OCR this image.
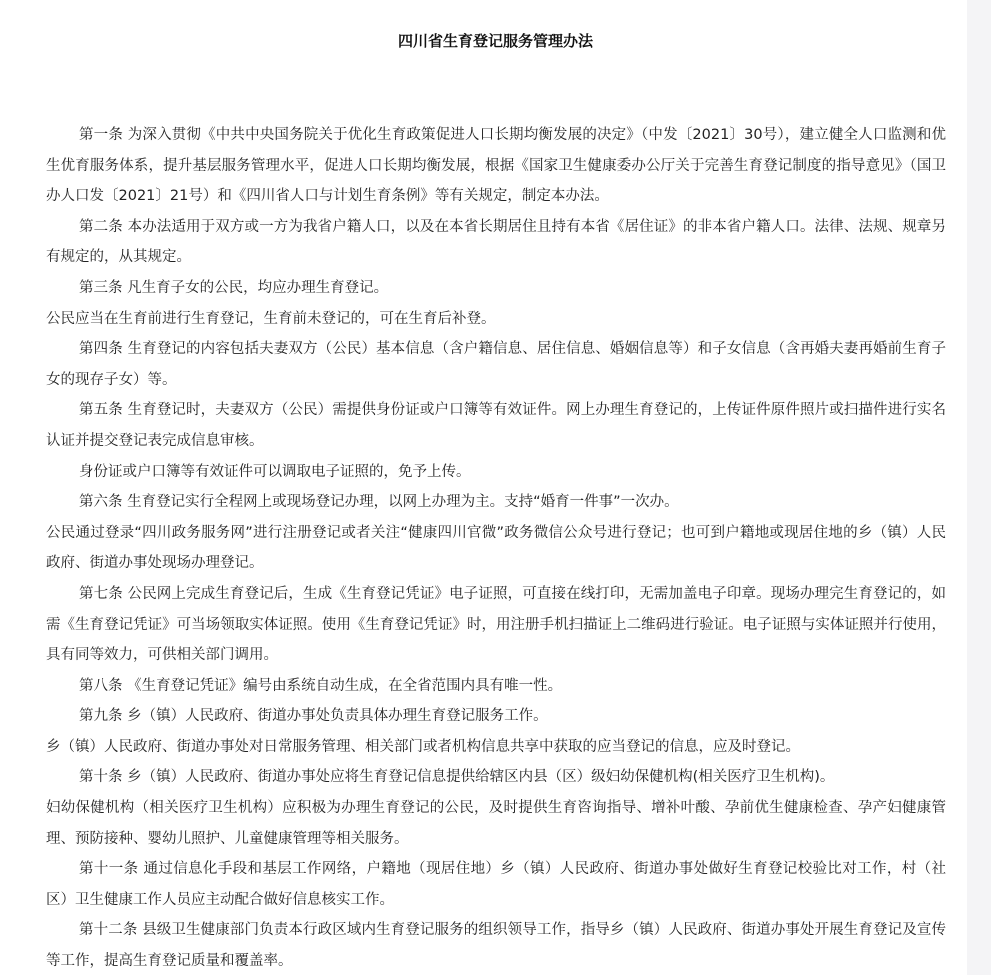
四川省生育登记服务管理办法

第一条 为深入贯彻《中共中央国务院关于优化生育政策促进人口长期均衡发展的决定》（中发〔2021〕30号），建立健全人口监测和优生优育服务体系，提升基层服务管理水平，促进人口长期均衡发展，根据《国家卫生健康委办公厅关于完善生育登记制度的指导意见》（国卫办人口发〔2021〕21号）和《四川省人口与计划生育条例》等有关规定，制定本办法。

第二条 本办法适用于双方或一方为我省户籍人口，以及在本省长期居住且持有本省《居住证》的非本省户籍人口。法律、法规、规章另有规定的，从其规定。

第三条 凡生育子女的公民，均应办理生育登记。

公民应当在生育前进行生育登记，生育前未登记的，可在生育后补登。

第四条 生育登记的内容包括夫妻双方（公民）基本信息（含户籍信息、居住信息、婚姻信息等）和子女信息（含再婚夫妻再婚前生育子女的现存子女）等。

第五条 生育登记时，夫妻双方（公民）需提供身份证或户口簿等有效证件。网上办理生育登记的，上传证件原件照片或扫描件进行实名认证并提交登记表完成信息审核。

身份证或户口簿等有效证件可以调取电子证照的，免予上传。

第六条 生育登记实行全程网上或现场登记办理，以网上办理为主。支持“婚育一件事”一次办。

公民通过登录“四川政务服务网”进行注册登记或者关注“健康四川官微”政务微信公众号进行登记；也可到户籍地或现居住地的乡（镇）人民政府、街道办事处现场办理登记。

第七条 公民网上完成生育登记后，生成《生育登记凭证》电子证照，可直接在线打印，无需加盖电子印章。现场办理完生育登记的，如需《生育登记凭证》可当场领取实体证照。使用《生育登记凭证》时，用注册手机扫描证上二维码进行验证。电子证照与实体证照并行使用，具有同等效力，可供相关部门调用。

第八条 《生育登记凭证》编号由系统自动生成，在全省范围内具有唯一性。

第九条 乡（镇）人民政府、街道办事处负责具体办理生育登记服务工作。

乡（镇）人民政府、街道办事处对日常服务管理、相关部门或者机构信息共享中获取的应当登记的信息，应及时登记。

第十条 乡（镇）人民政府、街道办事处应将生育登记信息提供给辖区内县（区）级妇幼保健机构(相关医疗卫生机构)。

妇幼保健机构（相关医疗卫生机构）应积极为办理生育登记的公民，及时提供生育咨询指导、增补叶酸、孕前优生健康检查、孕产妇健康管理、预防接种、婴幼儿照护、儿童健康管理等相关服务。

第十一条 通过信息化手段和基层工作网络，户籍地（现居住地）乡（镇）人民政府、街道办事处做好生育登记校验比对工作，村（社区）卫生健康工作人员应主动配合做好信息核实工作。

第十二条 县级卫生健康部门负责本行政区域内生育登记服务的组织领导工作，指导乡（镇）人民政府、街道办事处开展生育登记及宣传等工作，提高生育登记质量和覆盖率。
